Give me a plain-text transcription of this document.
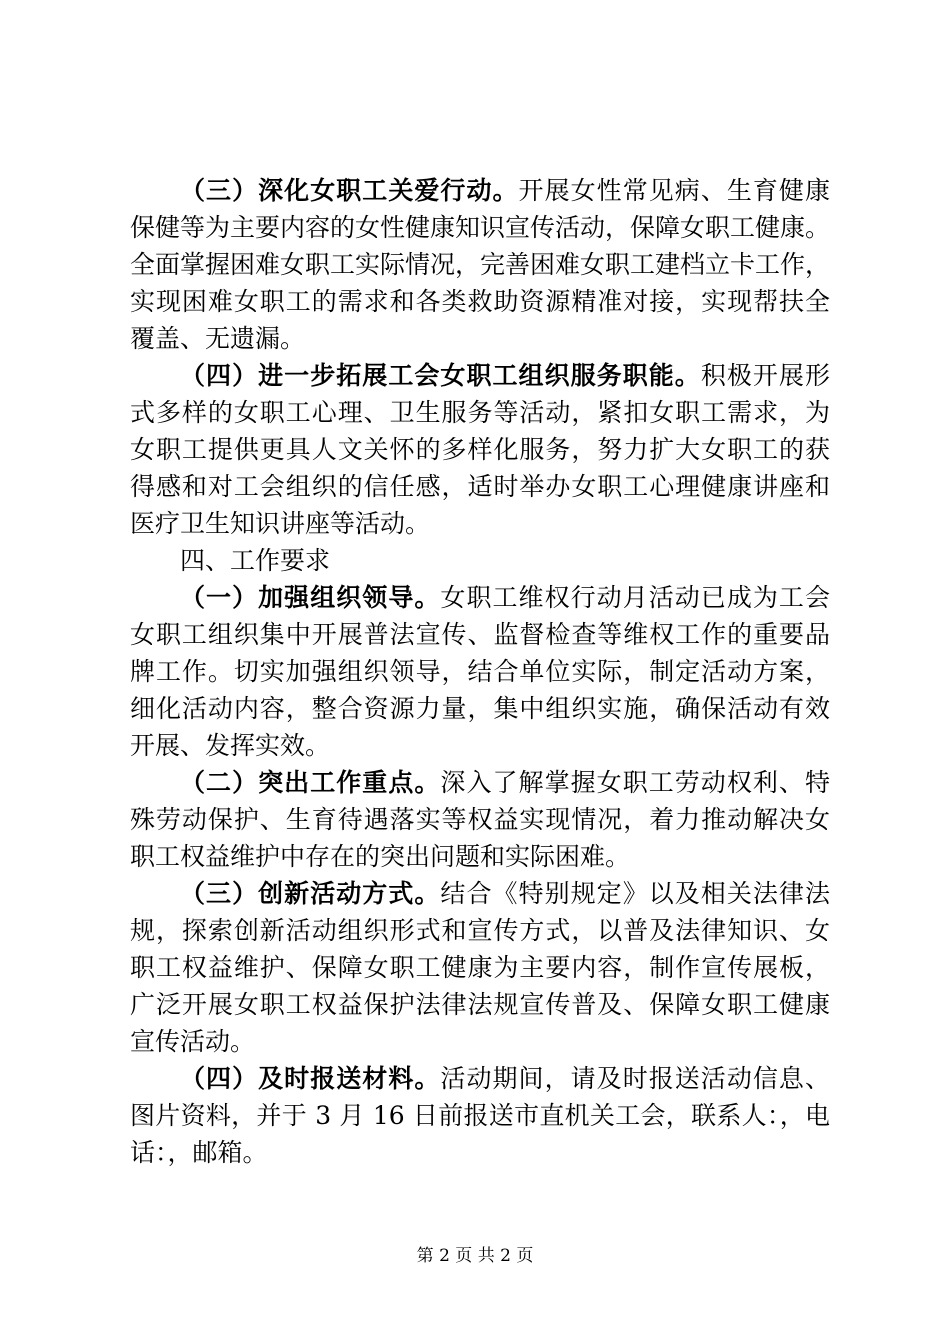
（三）深化女职工关爱行动。开展女性常见病、生育健康
保健等为主要内容的女性健康知识宣传活动，保障女职工健康。
全面掌握困难女职工实际情况，完善困难女职工建档立卡工作，
实现困难女职工的需求和各类救助资源精准对接，实现帮扶全
覆盖、无遗漏。
（四）进一步拓展工会女职工组织服务职能。积极开展形
式多样的女职工心理、卫生服务等活动，紧扣女职工需求，为
女职工提供更具人文关怀的多样化服务，努力扩大女职工的获
得感和对工会组织的信任感，适时举办女职工心理健康讲座和
医疗卫生知识讲座等活动。
四、工作要求
（一）加强组织领导。女职工维权行动月活动已成为工会
女职工组织集中开展普法宣传、监督检查等维权工作的重要品
牌工作。切实加强组织领导，结合单位实际，制定活动方案，
细化活动内容，整合资源力量，集中组织实施，确保活动有效
开展、发挥实效。
（二）突出工作重点。深入了解掌握女职工劳动权利、特
殊劳动保护、生育待遇落实等权益实现情况，着力推动解决女
职工权益维护中存在的突出问题和实际困难。
（三）创新活动方式。结合《特别规定》以及相关法律法
规，探索创新活动组织形式和宣传方式，以普及法律知识、女
职工权益维护、保障女职工健康为主要内容，制作宣传展板，
广泛开展女职工权益保护法律法规宣传普及、保障女职工健康
宣传活动。
（四）及时报送材料。活动期间，请及时报送活动信息、
图片资料，并于 3 月 16 日前报送市直机关工会，联系人：，电
话：，邮箱。
第 2 页 共 2 页
